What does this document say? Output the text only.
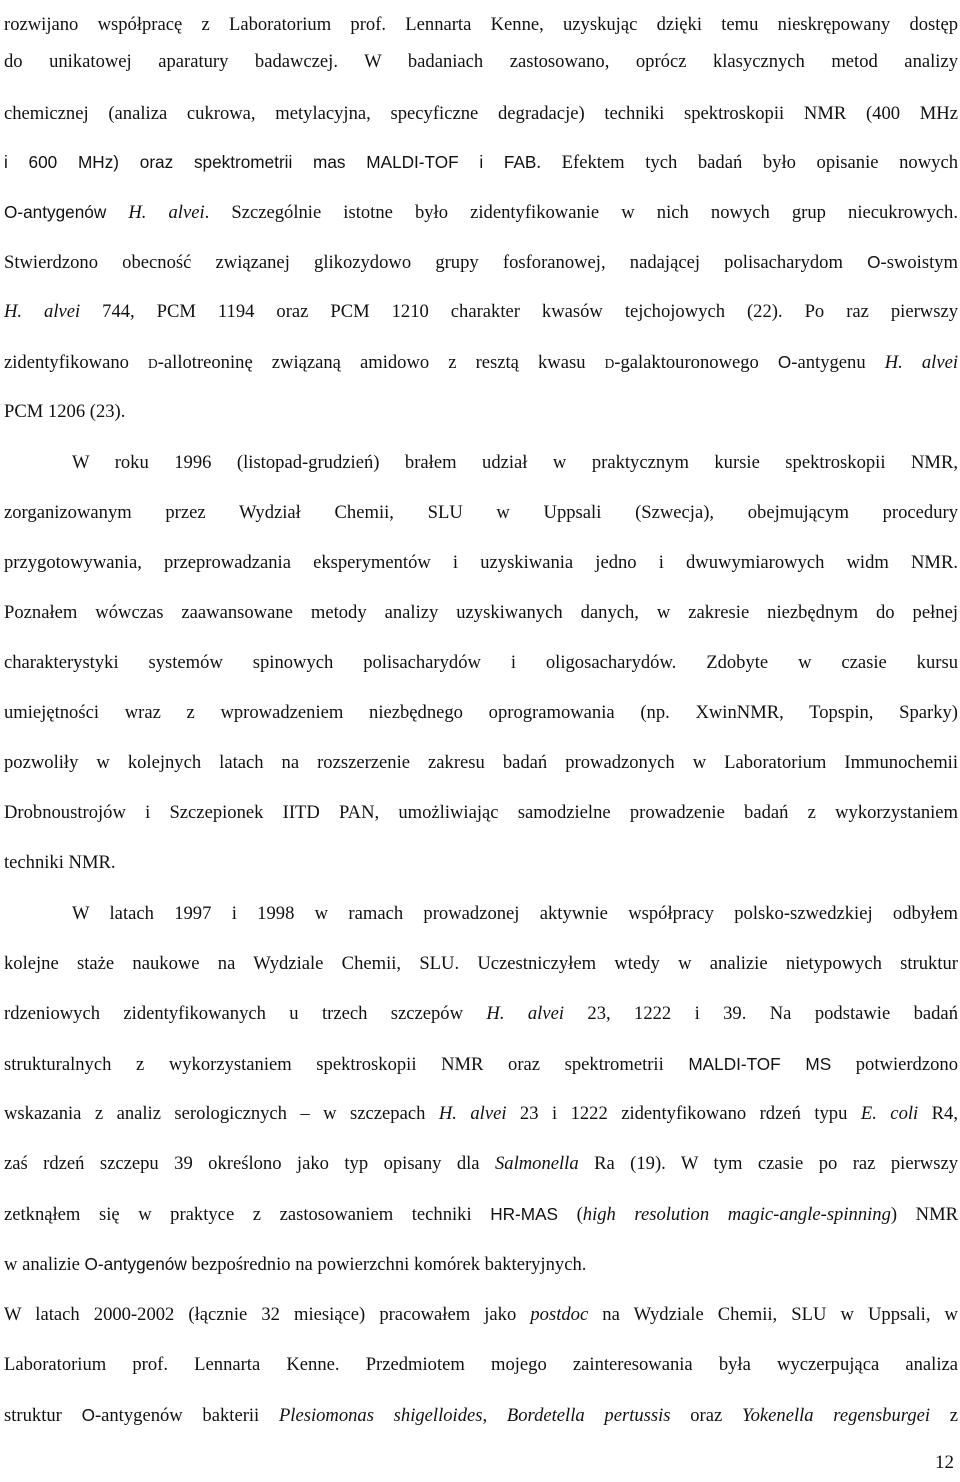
rozwijano współpracę z Laboratorium prof. Lennarta Kenne, uzyskując dzięki temu nieskrępowany dostęp
do unikatowej aparatury badawczej. W badaniach zastosowano, oprócz klasycznych metod analizy
chemicznej (analiza cukrowa, metylacyjna, specyficzne degradacje) techniki spektroskopii NMR (400 MHz
i 600 MHz) oraz spektrometrii mas MALDI-TOF i FAB. Efektem tych badań było opisanie nowych
O-antygenów H. alvei. Szczególnie istotne było zidentyfikowanie w nich nowych grup niecukrowych.
Stwierdzono obecność związanej glikozydowo grupy fosforanowej, nadającej polisacharydom O-swoistym
H. alvei 744, PCM 1194 oraz PCM 1210 charakter kwasów tejchojowych (22). Po raz pierwszy
zidentyfikowano D-allotreoninę związaną amidowo z resztą kwasu D-galaktouronowego O-antygenu H. alvei
PCM 1206 (23).
W roku 1996 (listopad-grudzień) brałem udział w praktycznym kursie spektroskopii NMR,
zorganizowanym przez Wydział Chemii, SLU w Uppsali (Szwecja), obejmującym procedury
przygotowywania, przeprowadzania eksperymentów i uzyskiwania jedno i dwuwymiarowych widm NMR.
Poznałem wówczas zaawansowane metody analizy uzyskiwanych danych, w zakresie niezbędnym do pełnej
charakterystyki systemów spinowych polisacharydów i oligosacharydów. Zdobyte w czasie kursu
umiejętności wraz z wprowadzeniem niezbędnego oprogramowania (np. XwinNMR, Topspin, Sparky)
pozwoliły w kolejnych latach na rozszerzenie zakresu badań prowadzonych w Laboratorium Immunochemii
Drobnoustrojów i Szczepionek IITD PAN, umożliwiając samodzielne prowadzenie badań z wykorzystaniem
techniki NMR.
W latach 1997 i 1998 w ramach prowadzonej aktywnie współpracy polsko-szwedzkiej odbyłem
kolejne staże naukowe na Wydziale Chemii, SLU. Uczestniczyłem wtedy w analizie nietypowych struktur
rdzeniowych zidentyfikowanych u trzech szczepów H. alvei 23, 1222 i 39. Na podstawie badań
strukturalnych z wykorzystaniem spektroskopii NMR oraz spektrometrii MALDI-TOF MS potwierdzono
wskazania z analiz serologicznych – w szczepach H. alvei 23 i 1222 zidentyfikowano rdzeń typu E. coli R4,
zaś rdzeń szczepu 39 określono jako typ opisany dla Salmonella Ra (19). W tym czasie po raz pierwszy
zetknąłem się w praktyce z zastosowaniem techniki HR-MAS (high resolution magic-angle-spinning) NMR
w analizie O-antygenów bezpośrednio na powierzchni komórek bakteryjnych.
W latach 2000-2002 (łącznie 32 miesiące) pracowałem jako postdoc na Wydziale Chemii, SLU w Uppsali, w
Laboratorium prof. Lennarta Kenne. Przedmiotem mojego zainteresowania była wyczerpująca analiza
struktur O-antygenów bakterii Plesiomonas shigelloides, Bordetella pertussis oraz Yokenella regensburgei z
12
